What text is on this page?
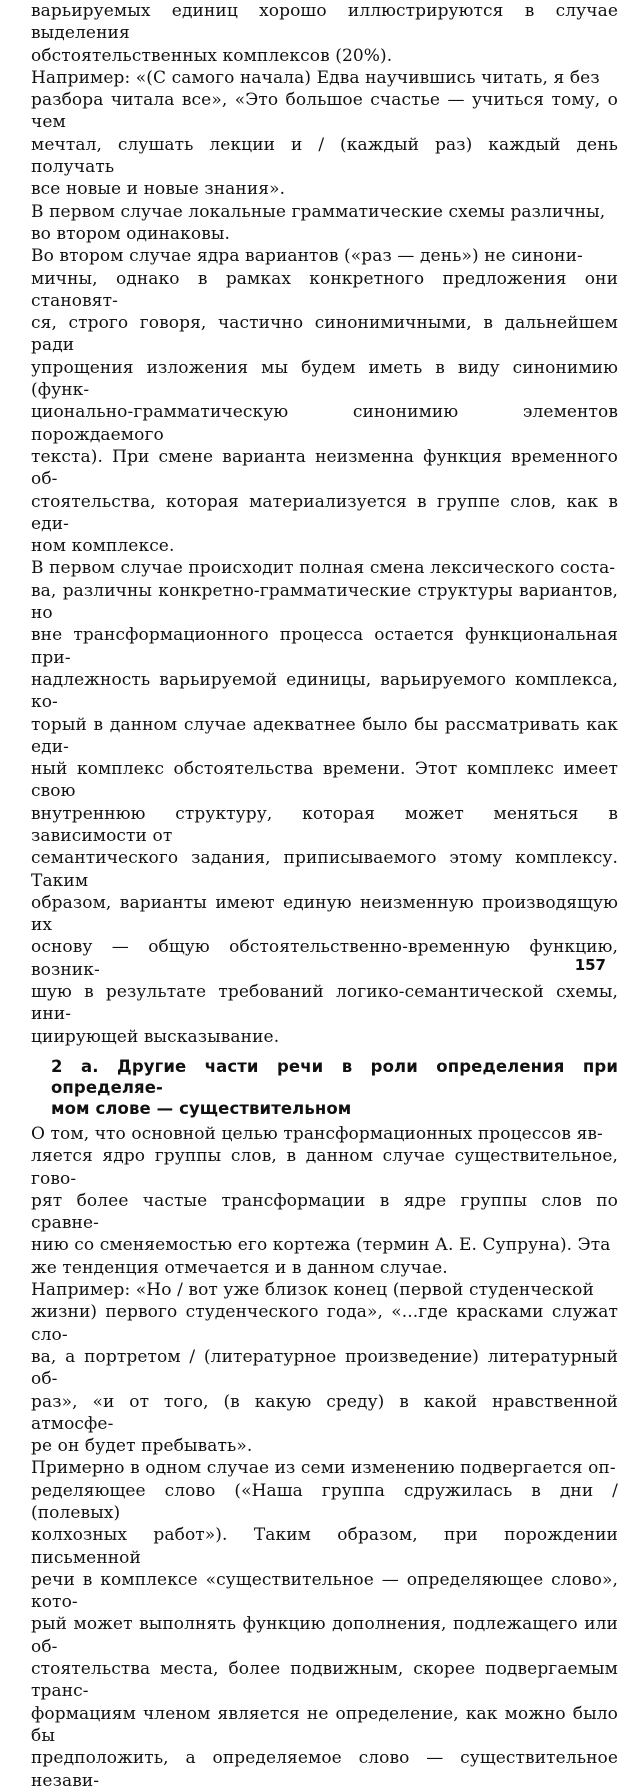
варьируемых единиц хорошо иллюстрируются в случае выделения
обстоятельственных комплексов (20%).

Например: «(С самого начала) Едва научившись читать, я без
разбора читала все», «Это большое счастье — учиться тому, о чем
мечтал, слушать лекции и / (каждый раз) каждый день получать
все новые и новые знания».

В первом случае локальные грамматические схемы различны,
во втором одинаковы.

Во втором случае ядра вариантов («раз — день») не синони-
мичны, однако в рамках конкретного предложения они становят-
ся, строго говоря, частично синонимичными, в дальнейшем ради
упрощения изложения мы будем иметь в виду синонимию (функ-
ционально-грамматическую синонимию элементов порождаемого
текста). При смене варианта неизменна функция временного об-
стоятельства, которая материализуется в группе слов, как в еди-
ном комплексе.

В первом случае происходит полная смена лексического соста-
ва, различны конкретно-грамматические структуры вариантов, но
вне трансформационного процесса остается функциональная при-
надлежность варьируемой единицы, варьируемого комплекса, ко-
торый в данном случае адекватнее было бы рассматривать как еди-
ный комплекс обстоятельства времени. Этот комплекс имеет свою
внутреннюю структуру, которая может меняться в зависимости от
семантического задания, приписываемого этому комплексу. Таким
образом, варианты имеют единую неизменную производящую их
основу — общую обстоятельственно-временную функцию, возник-
шую в результате требований логико-семантической схемы, ини-
циирующей высказывание.

2 а. Другие части речи в роли определения при определяе-
мом слове — существительном

О том, что основной целью трансформационных процессов яв-
ляется ядро группы слов, в данном случае существительное, гово-
рят более частые трансформации в ядре группы слов по сравне-
нию со сменяемостью его кортежа (термин А. Е. Супруна). Эта
же тенденция отмечается и в данном случае.

Например: «Но / вот уже близок конец (первой студенческой
жизни) первого студенческого года», «...где красками служат сло-
ва, а портретом / (литературное произведение) литературный об-
раз», «и от того, (в какую среду) в какой нравственной атмосфе-
ре он будет пребывать».

Примерно в одном случае из семи изменению подвергается оп-
ределяющее слово («Наша группа сдружилась в дни / (полевых)
колхозных работ»). Таким образом, при порождении письменной
речи в комплексе «существительное — определяющее слово», кото-
рый может выполнять функцию дополнения, подлежащего или об-
стоятельства места, более подвижным, скорее подвергаемым транс-
формациям членом является не определение, как можно было бы
предположить, а определяемое слово — существительное незави-

157
